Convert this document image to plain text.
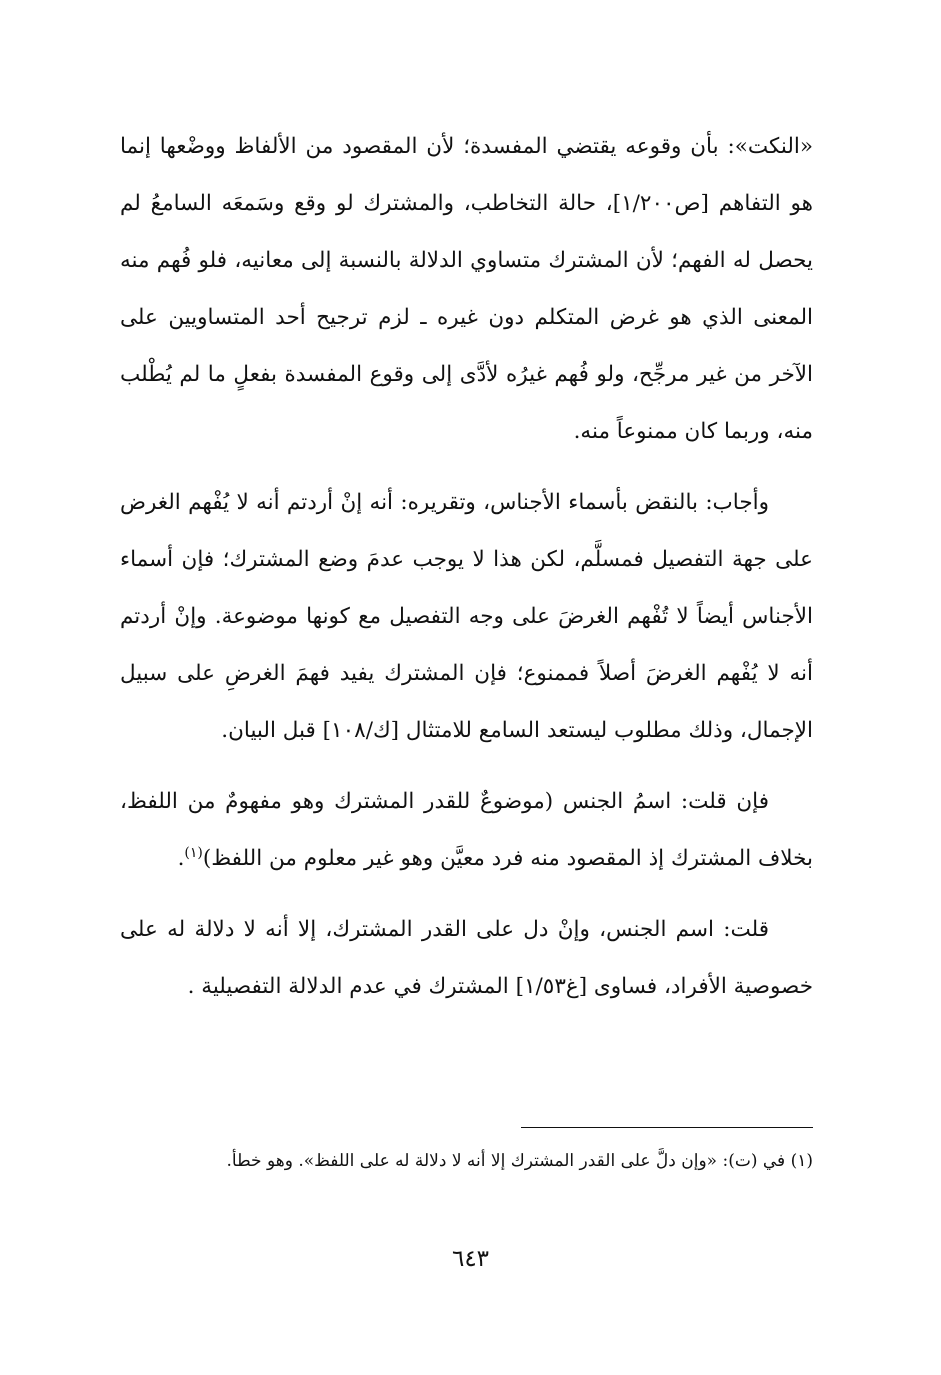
«النكت»: بأن وقوعه يقتضي المفسدة؛ لأن المقصود من الألفاظ ووضْعها إنما هو التفاهم [ص١/٢٠٠]، حالة التخاطب، والمشترك لو وقع وسَمعَه السامعُ لم يحصل له الفهم؛ لأن المشترك متساوي الدلالة بالنسبة إلى معانيه، فلو فُهم منه المعنى الذي هو غرض المتكلم دون غيره ـ لزم ترجيح أحد المتساويين على الآخر من غير مرجِّح، ولو فُهم غيرُه لأدَّى إلى وقوع المفسدة بفعلٍ ما لم يُطْلب منه، وربما كان ممنوعاً منه.

وأجاب: بالنقض بأسماء الأجناس، وتقريره: أنه إنْ أردتم أنه لا يُفْهم الغرض على جهة التفصيل فمسلَّم، لكن هذا لا يوجب عدمَ وضع المشترك؛ فإن أسماء الأجناس أيضاً لا تُفْهم الغرضَ على وجه التفصيل مع كونها موضوعة. وإنْ أردتم أنه لا يُفْهم الغرضَ أصلاً فممنوع؛ فإن المشترك يفيد فهمَ الغرضِ على سبيل الإجمال، وذلك مطلوب ليستعد السامع للامتثال [ك/١٠٨] قبل البيان.

فإن قلت: اسمُ الجنس (موضوعٌ للقدر المشترك وهو مفهومٌ من اللفظ، بخلاف المشترك إذ المقصود منه فرد معيَّن وهو غير معلوم من اللفظ)$^{(١)}$.

قلت: اسم الجنس، وإنْ دل على القدر المشترك، إلا أنه لا دلالة له على خصوصية الأفراد، فساوى [غ١/٥٣] المشترك في عدم الدلالة التفصيلية .

(١) في (ت): «وإن دلَّ على القدر المشترك إلا أنه لا دلالة له على اللفظ». وهو خطأ.

٦٤٣
